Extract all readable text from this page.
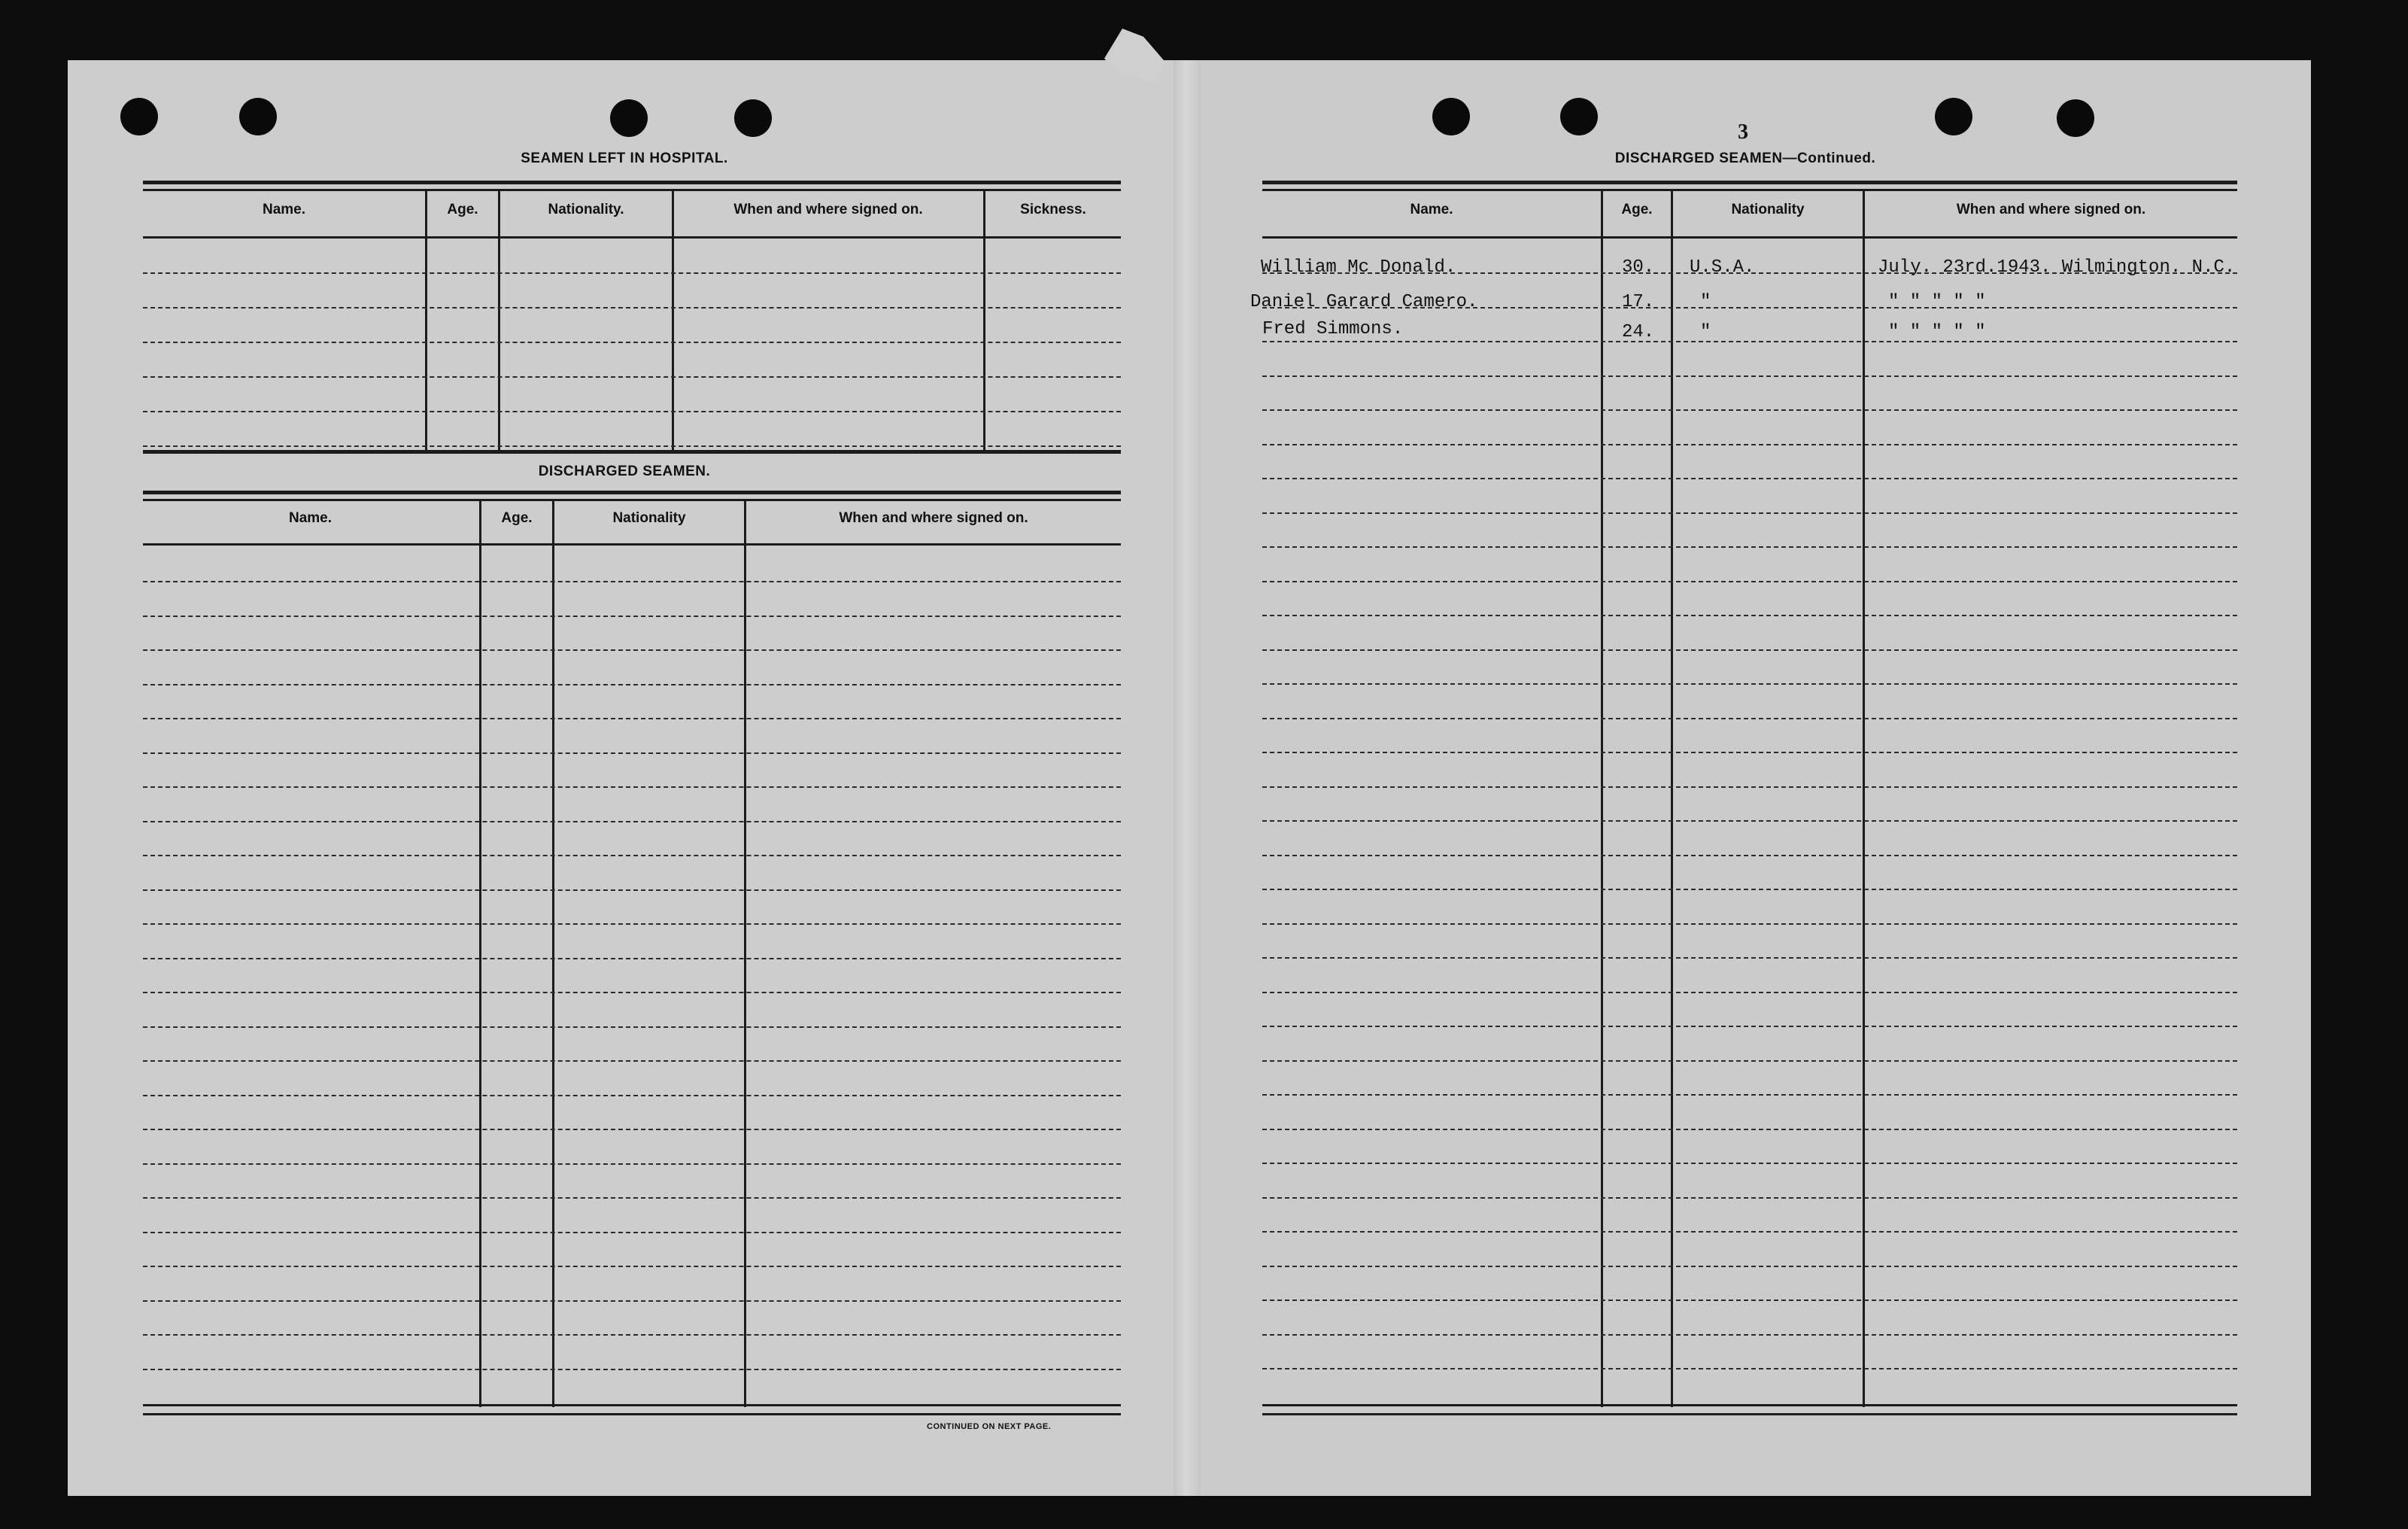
SEAMEN LEFT IN HOSPITAL.
Name.	Age.	Nationality.	When and where signed on.	Sickness.
DISCHARGED SEAMEN.
Name.	Age.	Nationality	When and where signed on.
CONTINUED ON NEXT PAGE.
3
DISCHARGED SEAMEN—Continued.
Name.	Age.	Nationality	When and where signed on.
William Mc Donald.	30. U.S.A.	July. 23rd.1943. Wilmington. N.C.
Daniel Garard Camero.	17.	"	" " " " "
Fred Simmons.	24.	"	" " " " "
